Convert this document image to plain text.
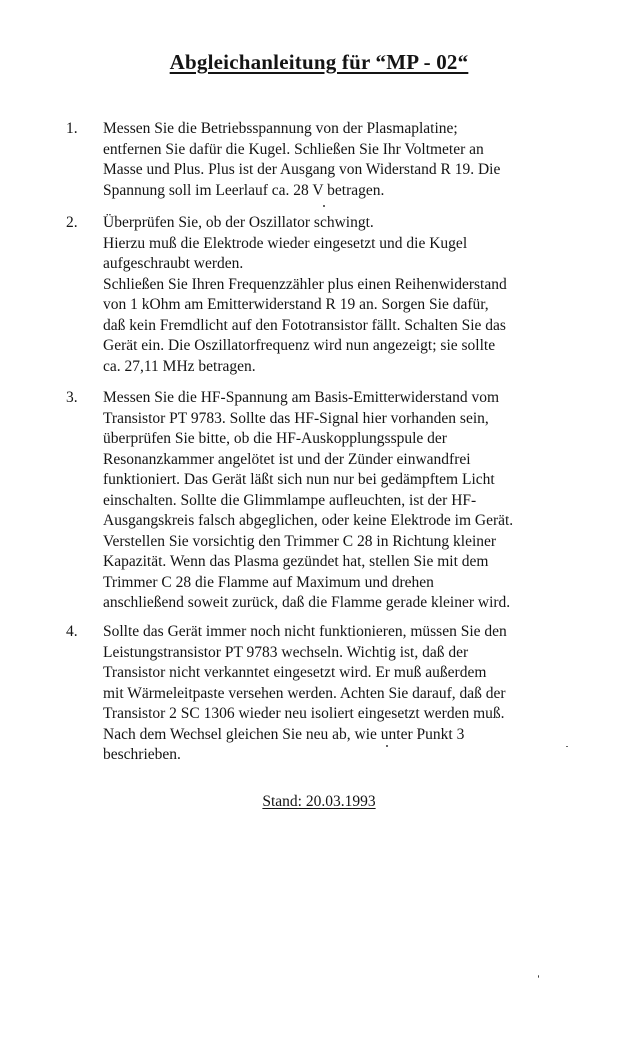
Abgleichanleitung für “MP - 02“
1. Messen Sie die Betriebsspannung von der Plasmaplatine;
entfernen Sie dafür die Kugel. Schließen Sie Ihr Voltmeter an
Masse und Plus. Plus ist der Ausgang von Widerstand R 19. Die
Spannung soll im Leerlauf ca. 28 V betragen.
2. Überprüfen Sie, ob der Oszillator schwingt.
Hierzu muß die Elektrode wieder eingesetzt und die Kugel
aufgeschraubt werden.
Schließen Sie Ihren Frequenzzähler plus einen Reihenwiderstand
von 1 kOhm am Emitterwiderstand R 19 an. Sorgen Sie dafür,
daß kein Fremdlicht auf den Fototransistor fällt. Schalten Sie das
Gerät ein. Die Oszillatorfrequenz wird nun angezeigt; sie sollte
ca. 27,11 MHz betragen.
3. Messen Sie die HF-Spannung am Basis-Emitterwiderstand vom
Transistor PT 9783. Sollte das HF-Signal hier vorhanden sein,
überprüfen Sie bitte, ob die HF-Auskopplungsspule der
Resonanzkammer angelötet ist und der Zünder einwandfrei
funktioniert. Das Gerät läßt sich nun nur bei gedämpftem Licht
einschalten. Sollte die Glimmlampe aufleuchten, ist der HF-
Ausgangskreis falsch abgeglichen, oder keine Elektrode im Gerät.
Verstellen Sie vorsichtig den Trimmer C 28 in Richtung kleiner
Kapazität. Wenn das Plasma gezündet hat, stellen Sie mit dem
Trimmer C 28 die Flamme auf Maximum und drehen
anschließend soweit zurück, daß die Flamme gerade kleiner wird.
4. Sollte das Gerät immer noch nicht funktionieren, müssen Sie den
Leistungstransistor PT 9783 wechseln. Wichtig ist, daß der
Transistor nicht verkanntet eingesetzt wird. Er muß außerdem
mit Wärmeleitpaste versehen werden. Achten Sie darauf, daß der
Transistor 2 SC 1306 wieder neu isoliert eingesetzt werden muß.
Nach dem Wechsel gleichen Sie neu ab, wie unter Punkt 3
beschrieben.
Stand: 20.03.1993
